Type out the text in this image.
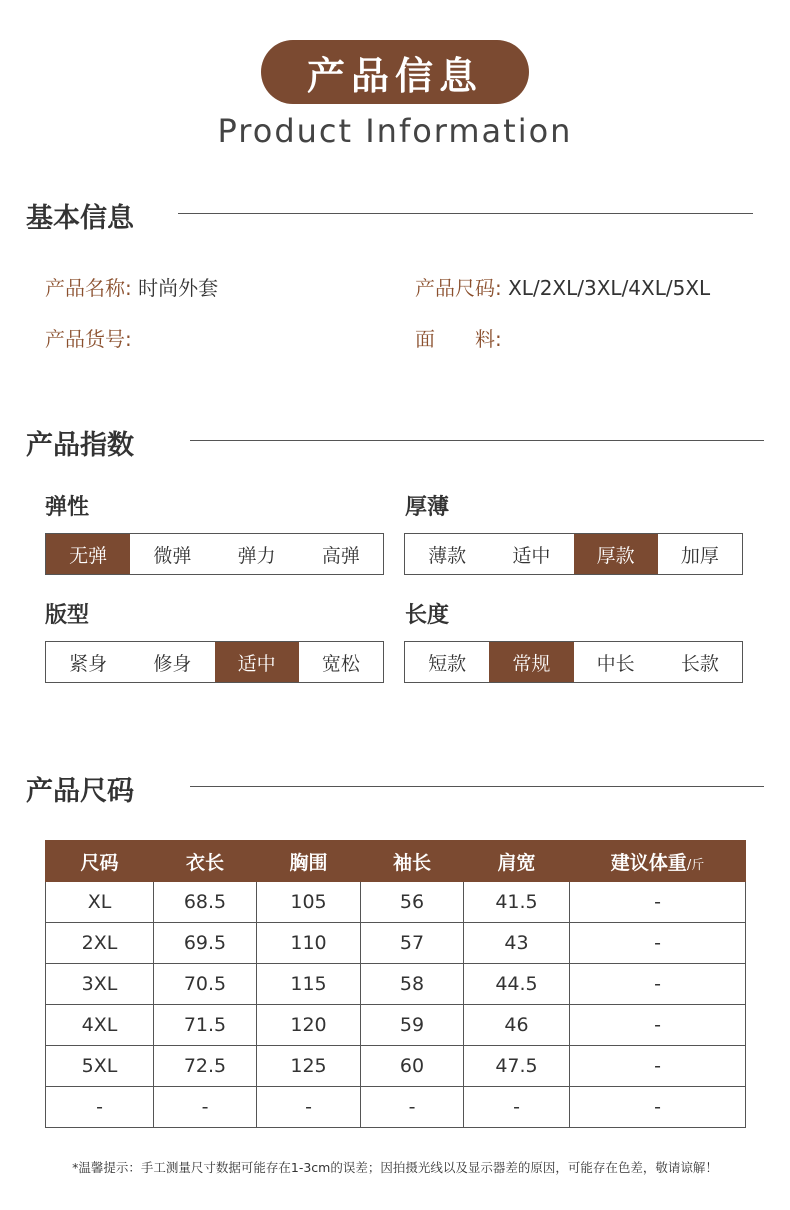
产品信息
Product Information
基本信息
产品名称: 时尚外套	产品尺码: XL/2XL/3XL/4XL/5XL
产品货号:	面　　料:
产品指数
弹性
无弹	微弹	弹力	高弹
厚薄
薄款	适中	厚款	加厚
版型
紧身	修身	适中	宽松
长度
短款	常规	中长	长款
产品尺码
尺码	衣长	胸围	袖长	肩宽	建议体重/斤
XL	68.5	105	56	41.5	-
2XL	69.5	110	57	43	-
3XL	70.5	115	58	44.5	-
4XL	71.5	120	59	46	-
5XL	72.5	125	60	47.5	-
-	-	-	-	-	-
*温馨提示：手工测量尺寸数据可能存在1-3cm的误差；因拍摄光线以及显示器差的原因，可能存在色差，敬请谅解！
